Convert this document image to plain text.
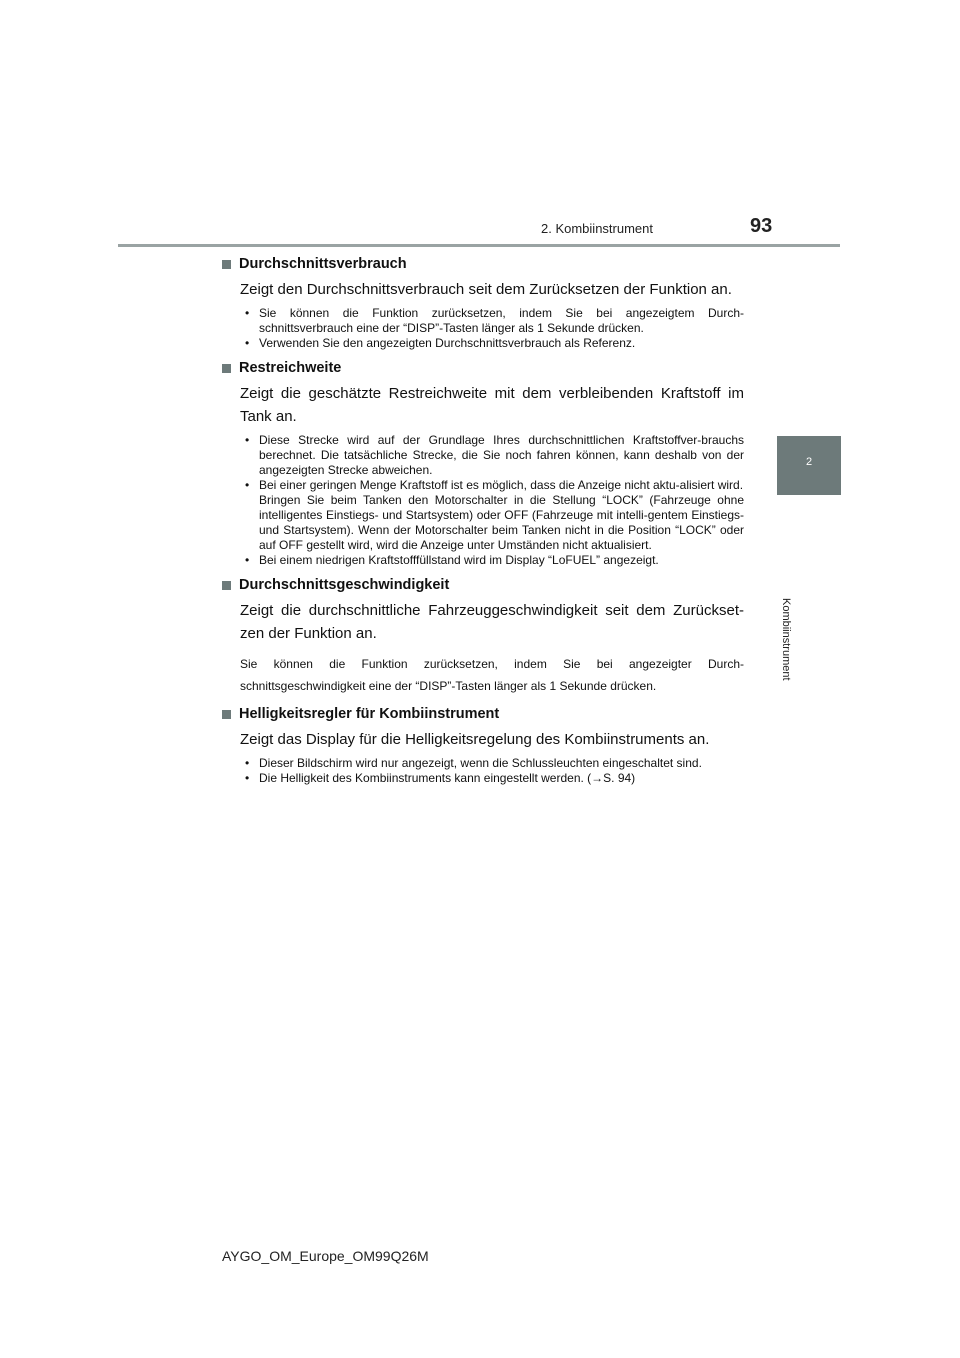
2. Kombiinstrument	93
2
Kombiinstrument
Durchschnittsverbrauch
Zeigt den Durchschnittsverbrauch seit dem Zurücksetzen der Funktion an.
• Sie können die Funktion zurücksetzen, indem Sie bei angezeigtem Durch-schnittsverbrauch eine der “DISP”-Tasten länger als 1 Sekunde drücken.
• Verwenden Sie den angezeigten Durchschnittsverbrauch als Referenz.
Restreichweite
Zeigt die geschätzte Restreichweite mit dem verbleibenden Kraftstoff im Tank an.
• Diese Strecke wird auf der Grundlage Ihres durchschnittlichen Kraftstoffver-brauchs berechnet. Die tatsächliche Strecke, die Sie noch fahren können, kann deshalb von der angezeigten Strecke abweichen.
• Bei einer geringen Menge Kraftstoff ist es möglich, dass die Anzeige nicht aktu-alisiert wird.
Bringen Sie beim Tanken den Motorschalter in die Stellung “LOCK” (Fahrzeuge ohne intelligentes Einstiegs- und Startsystem) oder OFF (Fahrzeuge mit intelli-gentem Einstiegs- und Startsystem). Wenn der Motorschalter beim Tanken nicht in die Position “LOCK” oder auf OFF gestellt wird, wird die Anzeige unter Umständen nicht aktualisiert.
• Bei einem niedrigen Kraftstofffüllstand wird im Display “LoFUEL” angezeigt.
Durchschnittsgeschwindigkeit
Zeigt die durchschnittliche Fahrzeuggeschwindigkeit seit dem Zurückset-zen der Funktion an.
Sie können die Funktion zurücksetzen, indem Sie bei angezeigter Durch-schnittsgeschwindigkeit eine der “DISP”-Tasten länger als 1 Sekunde drücken.
Helligkeitsregler für Kombiinstrument
Zeigt das Display für die Helligkeitsregelung des Kombiinstruments an.
• Dieser Bildschirm wird nur angezeigt, wenn die Schlussleuchten eingeschaltet sind.
• Die Helligkeit des Kombiinstruments kann eingestellt werden. (→S. 94)
AYGO_OM_Europe_OM99Q26M
